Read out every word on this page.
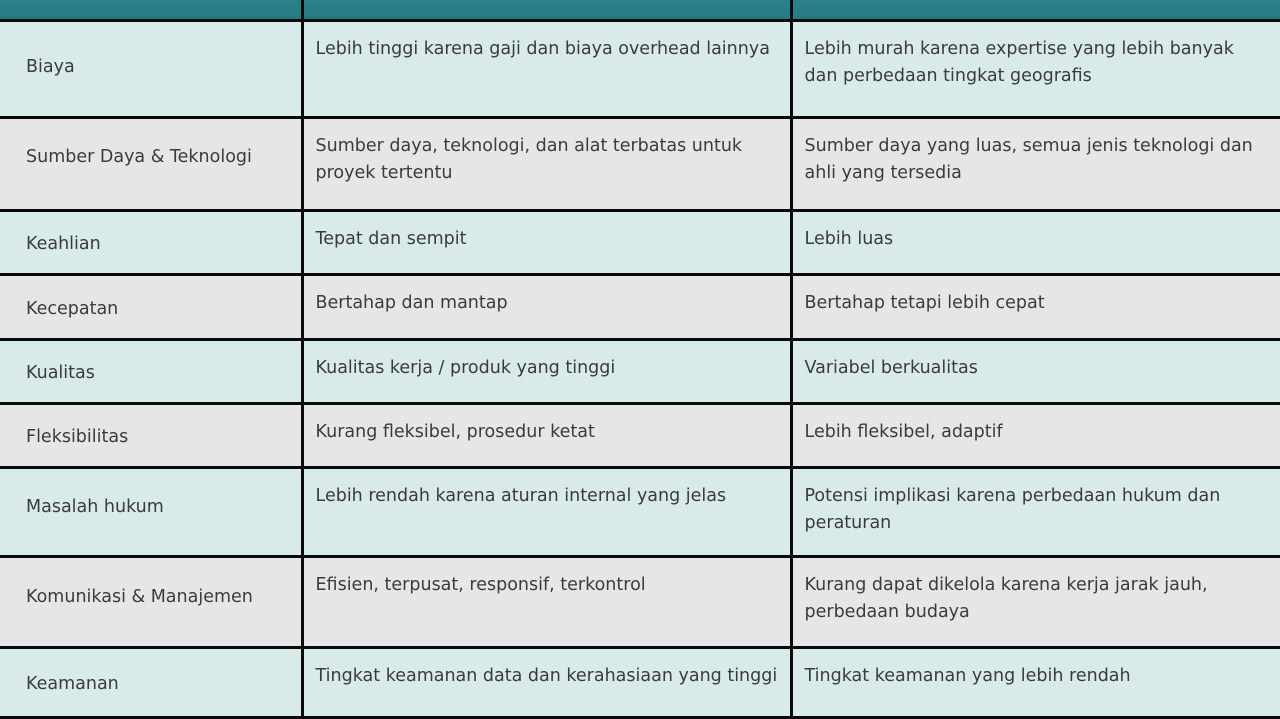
Biaya	Lebih tinggi karena gaji dan biaya overhead lainnya	Lebih murah karena expertise yang lebih banyak dan perbedaan tingkat geografis

Sumber Daya & Teknologi	Sumber daya, teknologi, dan alat terbatas untuk proyek tertentu	Sumber daya yang luas, semua jenis teknologi dan ahli yang tersedia

Keahlian	Tepat dan sempit	Lebih luas

Kecepatan	Bertahap dan mantap	Bertahap tetapi lebih cepat

Kualitas	Kualitas kerja / produk yang tinggi	Variabel berkualitas

Fleksibilitas	Kurang fleksibel, prosedur ketat	Lebih fleksibel, adaptif

Masalah hukum	Lebih rendah karena aturan internal yang jelas	Potensi implikasi karena perbedaan hukum dan peraturan

Komunikasi & Manajemen	Efisien, terpusat, responsif, terkontrol	Kurang dapat dikelola karena kerja jarak jauh, perbedaan budaya

Keamanan	Tingkat keamanan data dan kerahasiaan yang tinggi	Tingkat keamanan yang lebih rendah
